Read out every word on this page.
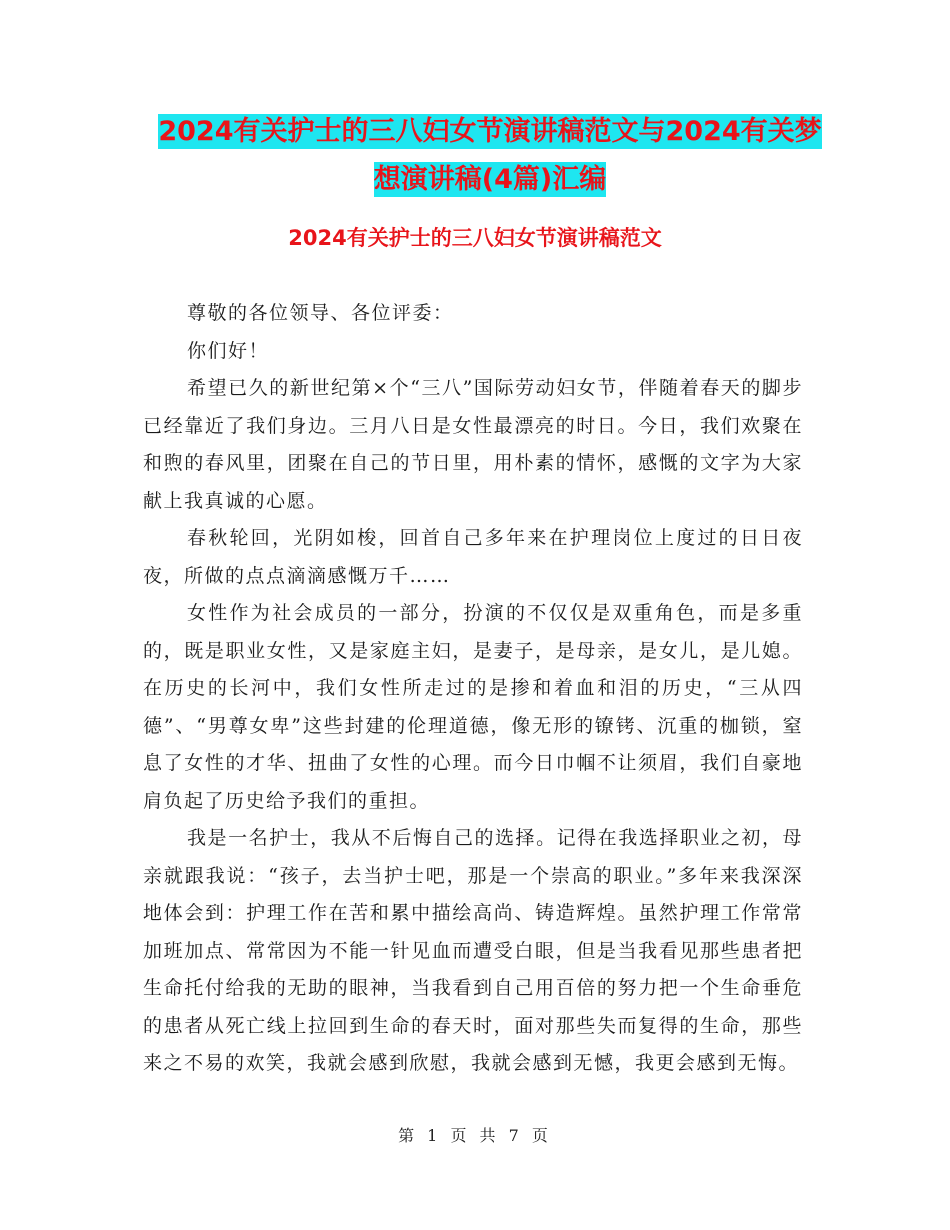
2024有关护士的三八妇女节演讲稿范文与2024有关梦
想演讲稿(4篇)汇编
2024有关护士的三八妇女节演讲稿范文

尊敬的各位领导、各位评委：

你们好！

希望已久的新世纪第×个“三八”国际劳动妇女节，伴随着春天的脚步已经靠近了我们身边。三月八日是女性最漂亮的时日。今日，我们欢聚在和煦的春风里，团聚在自己的节日里，用朴素的情怀，感慨的文字为大家献上我真诚的心愿。

春秋轮回，光阴如梭，回首自己多年来在护理岗位上度过的日日夜夜，所做的点点滴滴感慨万千……

女性作为社会成员的一部分，扮演的不仅仅是双重角色，而是多重的，既是职业女性，又是家庭主妇，是妻子，是母亲，是女儿，是儿媳。在历史的长河中，我们女性所走过的是掺和着血和泪的历史，“三从四德”、“男尊女卑”这些封建的伦理道德，像无形的镣铐、沉重的枷锁，窒息了女性的才华、扭曲了女性的心理。而今日巾帼不让须眉，我们自豪地肩负起了历史给予我们的重担。

我是一名护士，我从不后悔自己的选择。记得在我选择职业之初，母亲就跟我说：“孩子，去当护士吧，那是一个崇高的职业。”多年来我深深地体会到：护理工作在苦和累中描绘高尚、铸造辉煌。虽然护理工作常常加班加点、常常因为不能一针见血而遭受白眼，但是当我看见那些患者把生命托付给我的无助的眼神，当我看到自己用百倍的努力把一个生命垂危的患者从死亡线上拉回到生命的春天时，面对那些失而复得的生命，那些来之不易的欢笑，我就会感到欣慰，我就会感到无憾，我更会感到无悔。

第 1 页 共 7 页
